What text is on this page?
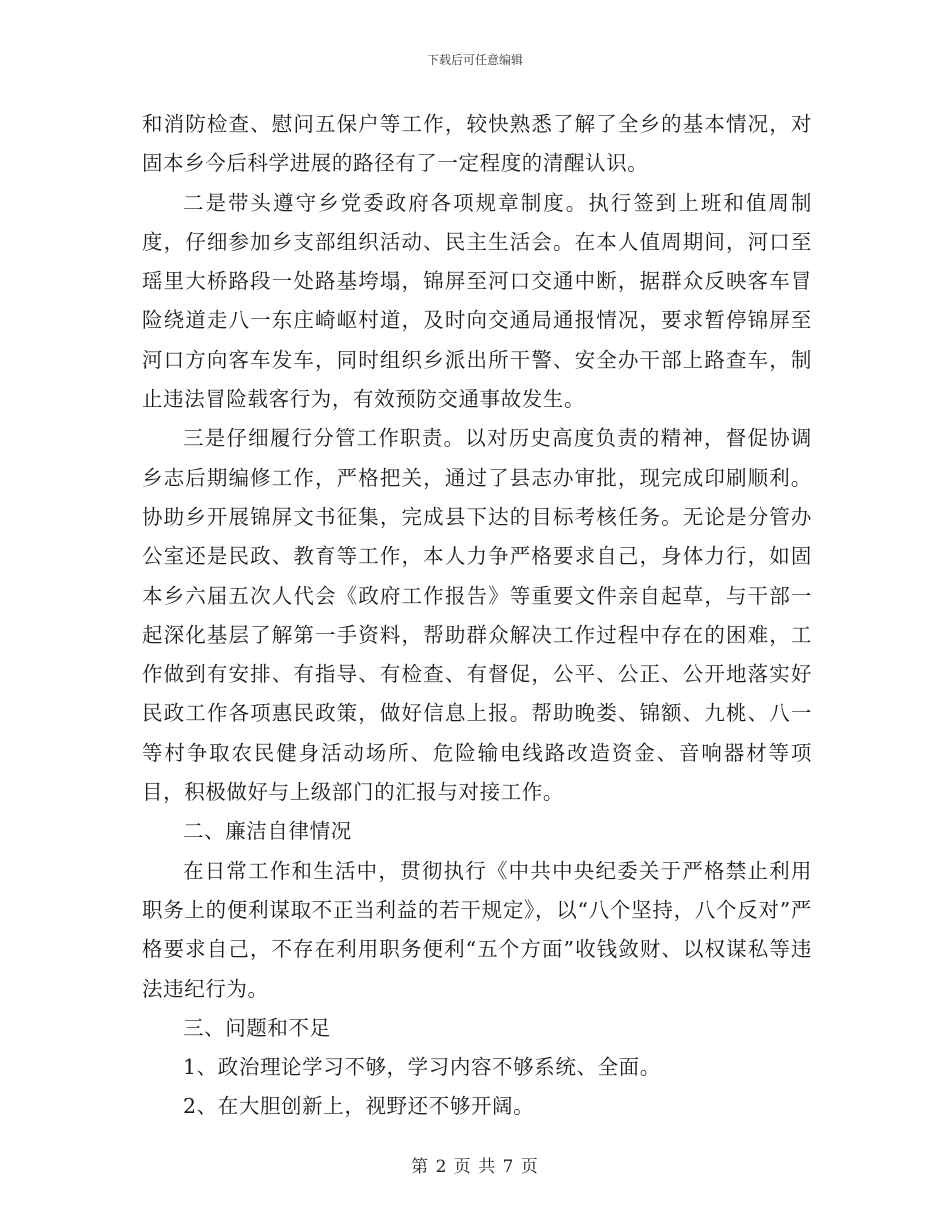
下载后可任意编辑

和消防检查、慰问五保户等工作，较快熟悉了解了全乡的基本情况，对固本乡今后科学进展的路径有了一定程度的清醒认识。

二是带头遵守乡党委政府各项规章制度。执行签到上班和值周制度，仔细参加乡支部组织活动、民主生活会。在本人值周期间，河口至瑶里大桥路段一处路基垮塌，锦屏至河口交通中断，据群众反映客车冒险绕道走八一东庄崎岖村道，及时向交通局通报情况，要求暂停锦屏至河口方向客车发车，同时组织乡派出所干警、安全办干部上路查车，制止违法冒险载客行为，有效预防交通事故发生。

三是仔细履行分管工作职责。以对历史高度负责的精神，督促协调乡志后期编修工作，严格把关，通过了县志办审批，现完成印刷顺利。协助乡开展锦屏文书征集，完成县下达的目标考核任务。无论是分管办公室还是民政、教育等工作，本人力争严格要求自己，身体力行，如固本乡六届五次人代会《政府工作报告》等重要文件亲自起草，与干部一起深化基层了解第一手资料，帮助群众解决工作过程中存在的困难，工作做到有安排、有指导、有检查、有督促，公平、公正、公开地落实好民政工作各项惠民政策，做好信息上报。帮助晚娄、锦额、九桃、八一等村争取农民健身活动场所、危险输电线路改造资金、音响器材等项目，积极做好与上级部门的汇报与对接工作。

二、廉洁自律情况

在日常工作和生活中，贯彻执行《中共中央纪委关于严格禁止利用职务上的便利谋取不正当利益的若干规定》，以“八个坚持，八个反对”严格要求自己，不存在利用职务便利“五个方面”收钱敛财、以权谋私等违法违纪行为。

三、问题和不足

1、政治理论学习不够，学习内容不够系统、全面。

2、在大胆创新上，视野还不够开阔。

第 2 页 共 7 页
